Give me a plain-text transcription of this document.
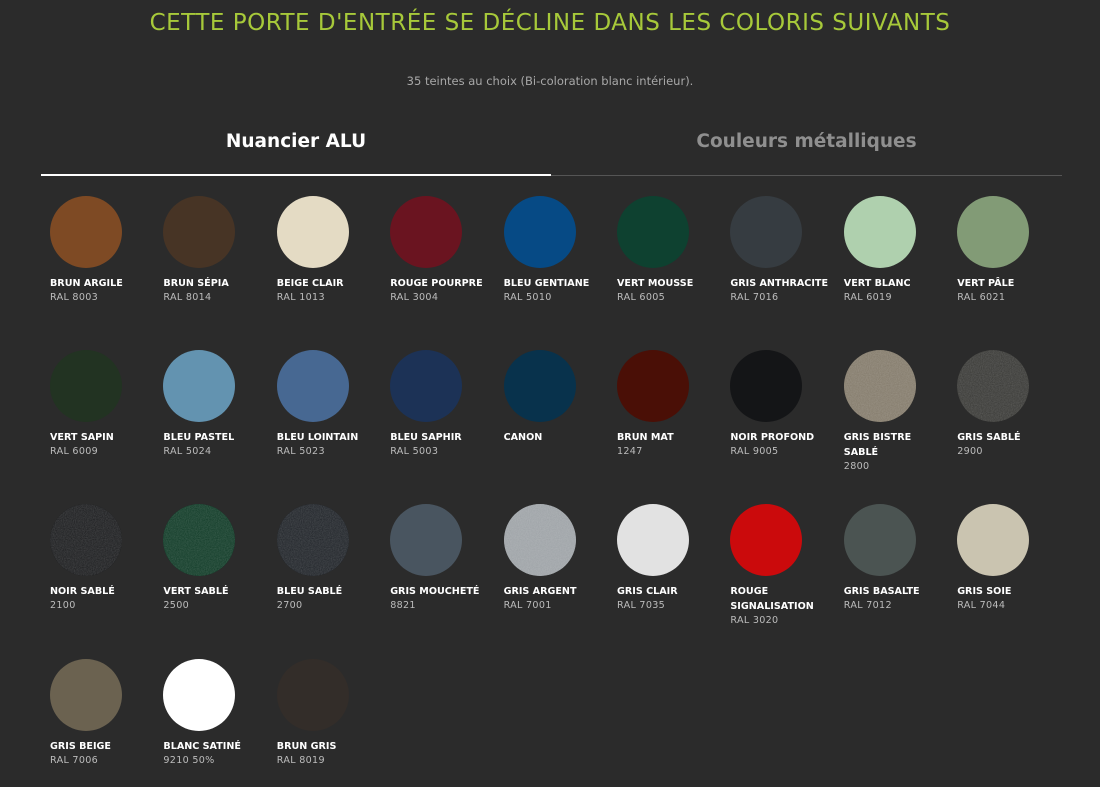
CETTE PORTE D'ENTRÉE SE DÉCLINE DANS LES COLORIS SUIVANTS
35 teintes au choix (Bi-coloration blanc intérieur).
Nuancier ALU	Couleurs métalliques
BRUN ARGILE
RAL 8003
BRUN SÉPIA
RAL 8014
BEIGE CLAIR
RAL 1013
ROUGE POURPRE
RAL 3004
BLEU GENTIANE
RAL 5010
VERT MOUSSE
RAL 6005
GRIS ANTHRACITE
RAL 7016
VERT BLANC
RAL 6019
VERT PÂLE
RAL 6021
VERT SAPIN
RAL 6009
BLEU PASTEL
RAL 5024
BLEU LOINTAIN
RAL 5023
BLEU SAPHIR
RAL 5003
CANON	BRUN MAT
1247
NOIR PROFOND
RAL 9005
GRIS BISTRE SABLÉ
2800
GRIS SABLÉ
2900
NOIR SABLÉ
2100
VERT SABLÉ
2500
BLEU SABLÉ
2700
GRIS MOUCHETÉ
8821
GRIS ARGENT
RAL 7001
GRIS CLAIR
RAL 7035
ROUGE SIGNALISATION
RAL 3020
GRIS BASALTE
RAL 7012
GRIS SOIE
RAL 7044
GRIS BEIGE
RAL 7006
BLANC SATINÉ
9210 50%
BRUN GRIS
RAL 8019
